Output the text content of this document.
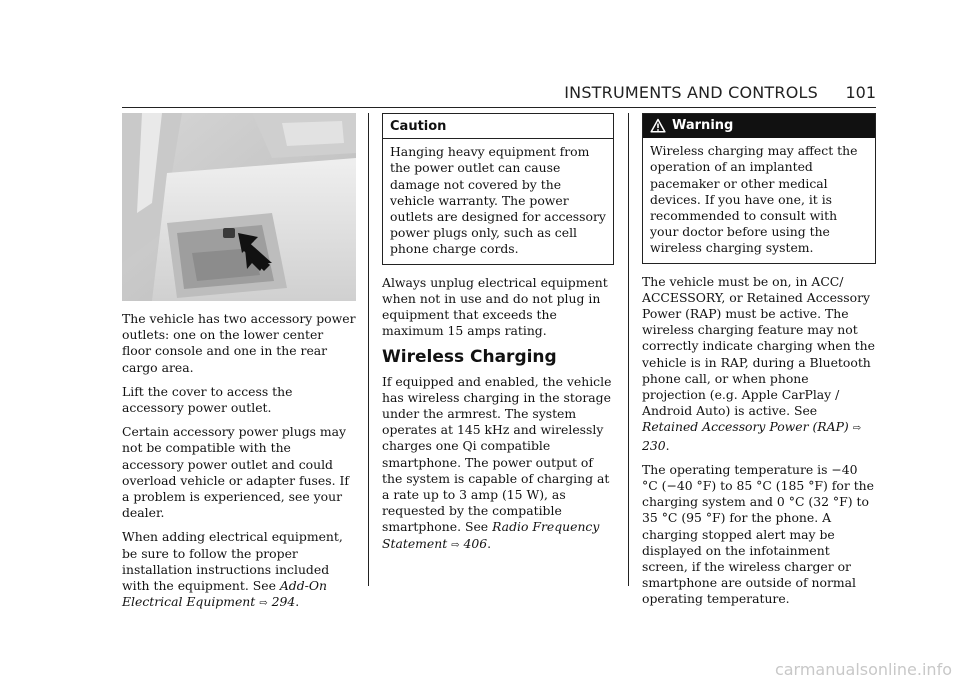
INSTRUMENTS AND CONTROLS 101

The vehicle has two accessory power outlets: one on the lower center floor console and one in the rear cargo area.

Lift the cover to access the accessory power outlet.

Certain accessory power plugs may not be compatible with the accessory power outlet and could overload vehicle or adapter fuses. If a problem is experienced, see your dealer.

When adding electrical equipment, be sure to follow the proper installation instructions included with the equipment. See Add-On Electrical Equipment ⇨ 294.

Caution
Hanging heavy equipment from the power outlet can cause damage not covered by the vehicle warranty. The power outlets are designed for accessory power plugs only, such as cell phone charge cords.

Always unplug electrical equipment when not in use and do not plug in equipment that exceeds the maximum 15 amps rating.

Wireless Charging

If equipped and enabled, the vehicle has wireless charging in the storage under the armrest. The system operates at 145 kHz and wirelessly charges one Qi compatible smartphone. The power output of the system is capable of charging at a rate up to 3 amp (15 W), as requested by the compatible smartphone. See Radio Frequency Statement ⇨ 406.

Warning
Wireless charging may affect the operation of an implanted pacemaker or other medical devices. If you have one, it is recommended to consult with your doctor before using the wireless charging system.

The vehicle must be on, in ACC/ ACCESSORY, or Retained Accessory Power (RAP) must be active. The wireless charging feature may not correctly indicate charging when the vehicle is in RAP, during a Bluetooth phone call, or when phone projection (e.g. Apple CarPlay / Android Auto) is active. See Retained Accessory Power (RAP) ⇨ 230.

The operating temperature is −40 °C (−40 °F) to 85 °C (185 °F) for the charging system and 0 °C (32 °F) to 35 °C (95 °F) for the phone. A charging stopped alert may be displayed on the infotainment screen, if the wireless charger or smartphone are outside of normal operating temperature.

carmanualsonline.info
